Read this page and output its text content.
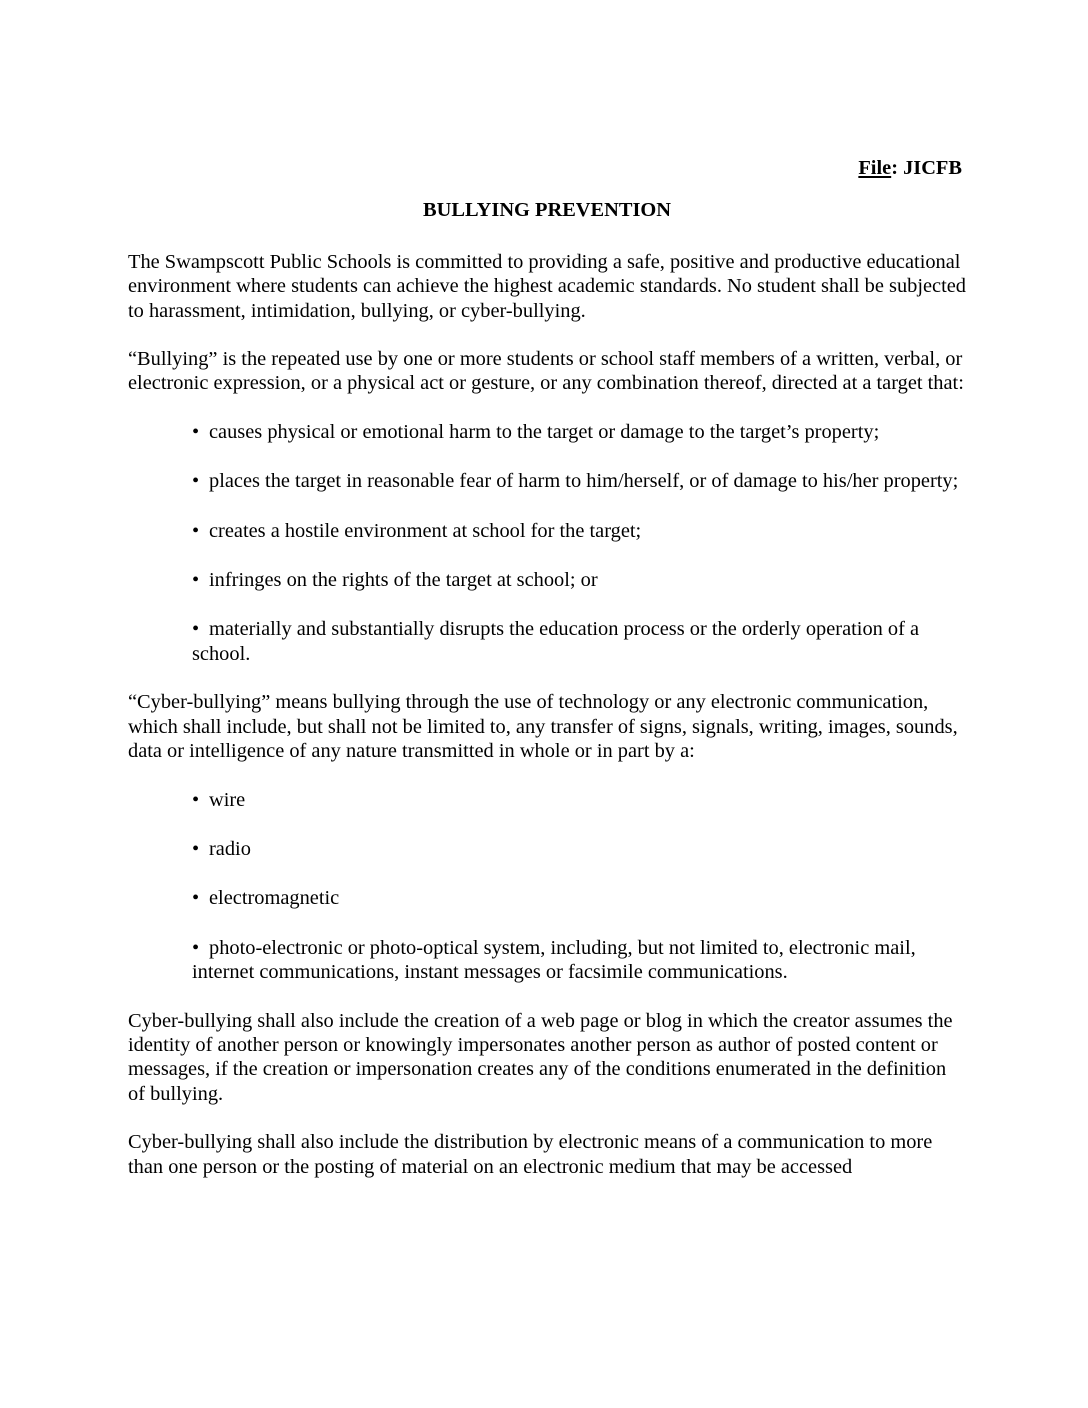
File: JICFB
BULLYING PREVENTION

The Swampscott Public Schools is committed to providing a safe, positive and productive educational environment where students can achieve the highest academic standards. No student shall be subjected to harassment, intimidation, bullying, or cyber-bullying.

“Bullying” is the repeated use by one or more students or school staff members of a written, verbal, or electronic expression, or a physical act or gesture, or any combination thereof, directed at a target that:

• causes physical or emotional harm to the target or damage to the target’s property;
• places the target in reasonable fear of harm to him/herself, or of damage to his/her property;
• creates a hostile environment at school for the target;
• infringes on the rights of the target at school; or
• materially and substantially disrupts the education process or the orderly operation of a school.

“Cyber-bullying” means bullying through the use of technology or any electronic communication, which shall include, but shall not be limited to, any transfer of signs, signals, writing, images, sounds, data or intelligence of any nature transmitted in whole or in part by a:

• wire
• radio
• electromagnetic
• photo-electronic or photo-optical system, including, but not limited to, electronic mail, internet communications, instant messages or facsimile communications.

Cyber-bullying shall also include the creation of a web page or blog in which the creator assumes the identity of another person or knowingly impersonates another person as author of posted content or messages, if the creation or impersonation creates any of the conditions enumerated in the definition of bullying.

Cyber-bullying shall also include the distribution by electronic means of a communication to more than one person or the posting of material on an electronic medium that may be accessed
